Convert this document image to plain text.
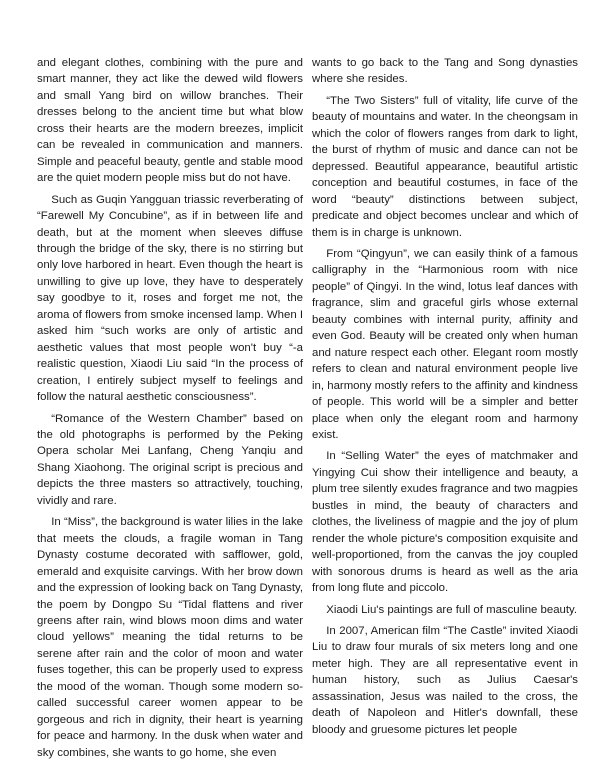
and elegant clothes, combining with the pure and smart manner, they act like the dewed wild flowers and small Yang bird on willow branches. Their dresses belong to the ancient time but what blow cross their hearts are the modern breezes, implicit can be revealed in communication and manners. Simple and peaceful beauty, gentle and stable mood are the quiet modern people miss but do not have.

Such as Guqin Yangguan triassic reverberating of “Farewell My Concubine”, as if in between life and death, but at the moment when sleeves diffuse through the bridge of the sky, there is no stirring but only love harbored in heart. Even though the heart is unwilling to give up love, they have to desperately say goodbye to it, roses and forget me not, the aroma of flowers from smoke incensed lamp. When I asked him “such works are only of artistic and aesthetic values that most people won't buy “-a realistic question, Xiaodi Liu said “In the process of creation, I entirely subject myself to feelings and follow the natural aesthetic consciousness”.

“Romance of the Western Chamber” based on the old photographs is performed by the Peking Opera scholar Mei Lanfang, Cheng Yanqiu and Shang Xiaohong. The original script is precious and depicts the three masters so attractively, touching, vividly and rare.

In “Miss”, the background is water lilies in the lake that meets the clouds, a fragile woman in Tang Dynasty costume decorated with safflower, gold, emerald and exquisite carvings. With her brow down and the expression of looking back on Tang Dynasty, the poem by Dongpo Su “Tidal flattens and river greens after rain, wind blows moon dims and water cloud yellows” meaning the tidal returns to be serene after rain and the color of moon and water fuses together, this can be properly used to express the mood of the woman. Though some modern so-called successful career women appear to be gorgeous and rich in dignity, their heart is yearning for peace and harmony. In the dusk when water and sky combines, she wants to go home, she even

wants to go back to the Tang and Song dynasties where she resides.

“The Two Sisters” full of vitality, life curve of the beauty of mountains and water. In the cheongsam in which the color of flowers ranges from dark to light, the burst of rhythm of music and dance can not be depressed. Beautiful appearance, beautiful artistic conception and beautiful costumes, in face of the word “beauty” distinctions between subject, predicate and object becomes unclear and which of them is in charge is unknown.

From “Qingyun”, we can easily think of a famous calligraphy in the “Harmonious room with nice people” of Qingyi. In the wind, lotus leaf dances with fragrance, slim and graceful girls whose external beauty combines with internal purity, affinity and even God. Beauty will be created only when human and nature respect each other. Elegant room mostly refers to clean and natural environment people live in, harmony mostly refers to the affinity and kindness of people. This world will be a simpler and better place when only the elegant room and harmony exist.

In “Selling Water” the eyes of matchmaker and Yingying Cui show their intelligence and beauty, a plum tree silently exudes fragrance and two magpies bustles in mind, the beauty of characters and clothes, the liveliness of magpie and the joy of plum render the whole picture's composition exquisite and well-proportioned, from the canvas the joy coupled with sonorous drums is heard as well as the aria from long flute and piccolo.

Xiaodi Liu's paintings are full of masculine beauty.

In 2007, American film “The Castle” invited Xiaodi Liu to draw four murals of six meters long and one meter high. They are all representative event in human history, such as Julius Caesar's assassination, Jesus was nailed to the cross, the death of Napoleon and Hitler's downfall, these bloody and gruesome pictures let people
